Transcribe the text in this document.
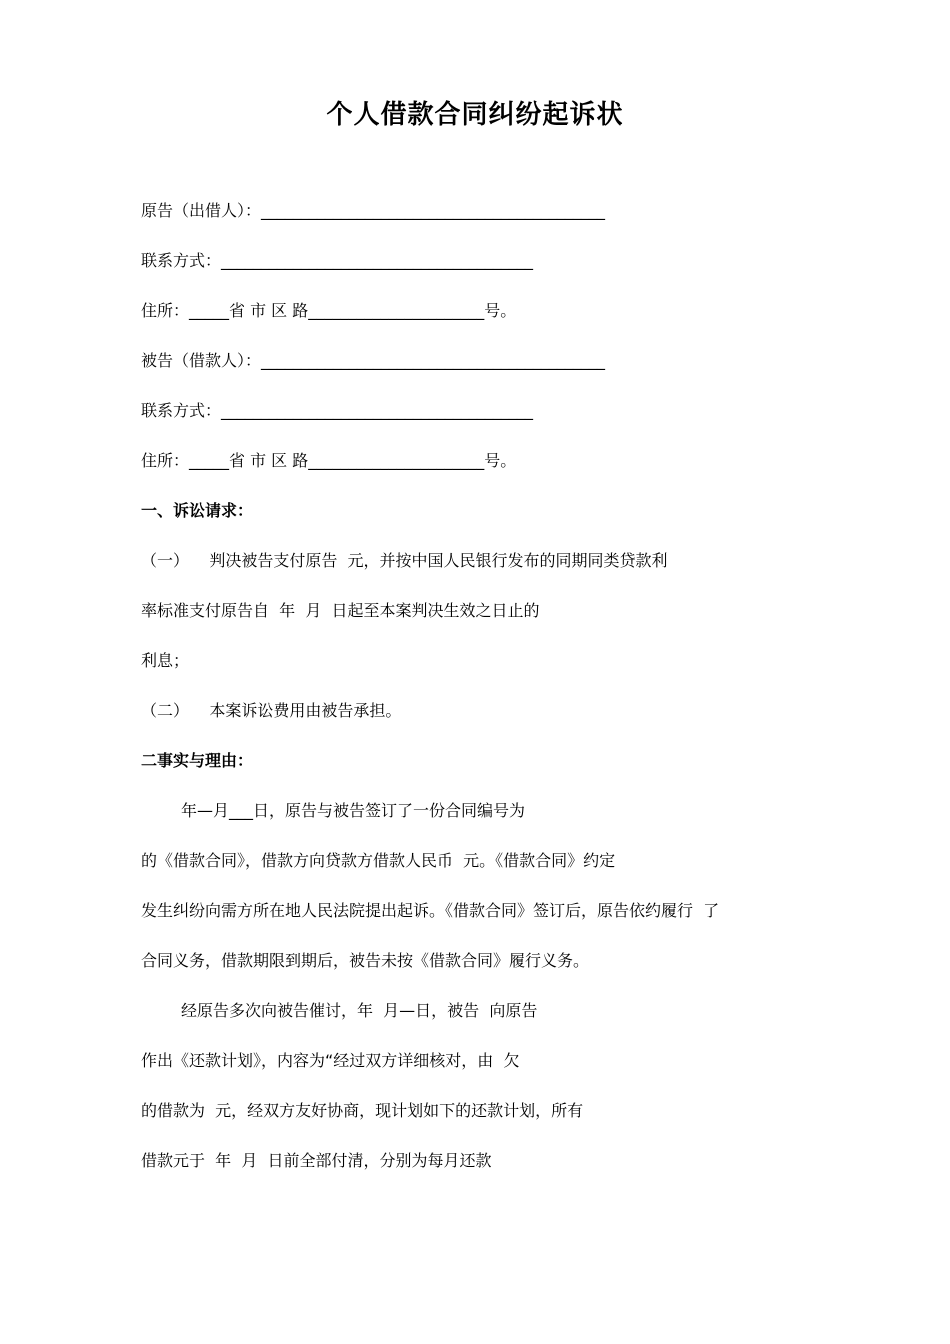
个人借款合同纠纷起诉状
原告（出借人）：___________________________________________
联系方式：_______________________________________
住所：_____省 市 区 路______________________号。
被告（借款人）：___________________________________________
联系方式：_______________________________________
住所：_____省 市 区 路______________________号。
一、诉讼请求：
（一）    判决被告支付原告  元，并按中国人民银行发布的同期同类贷款利
率标准支付原告自  年  月  日起至本案判决生效之日止的
利息；
（二）    本案诉讼费用由被告承担。
二事实与理由：
年—月___日，原告与被告签订了一份合同编号为
的《借款合同》，借款方向贷款方借款人民币  元。《借款合同》约定
发生纠纷向需方所在地人民法院提出起诉。《借款合同》签订后，原告依约履行  了
合同义务，借款期限到期后，被告未按《借款合同》履行义务。
经原告多次向被告催讨，年  月—日，被告  向原告
作出《还款计划》，内容为“经过双方详细核对，由  欠
的借款为  元，经双方友好协商，现计划如下的还款计划，所有
借款元于  年  月  日前全部付清，分别为每月还款
